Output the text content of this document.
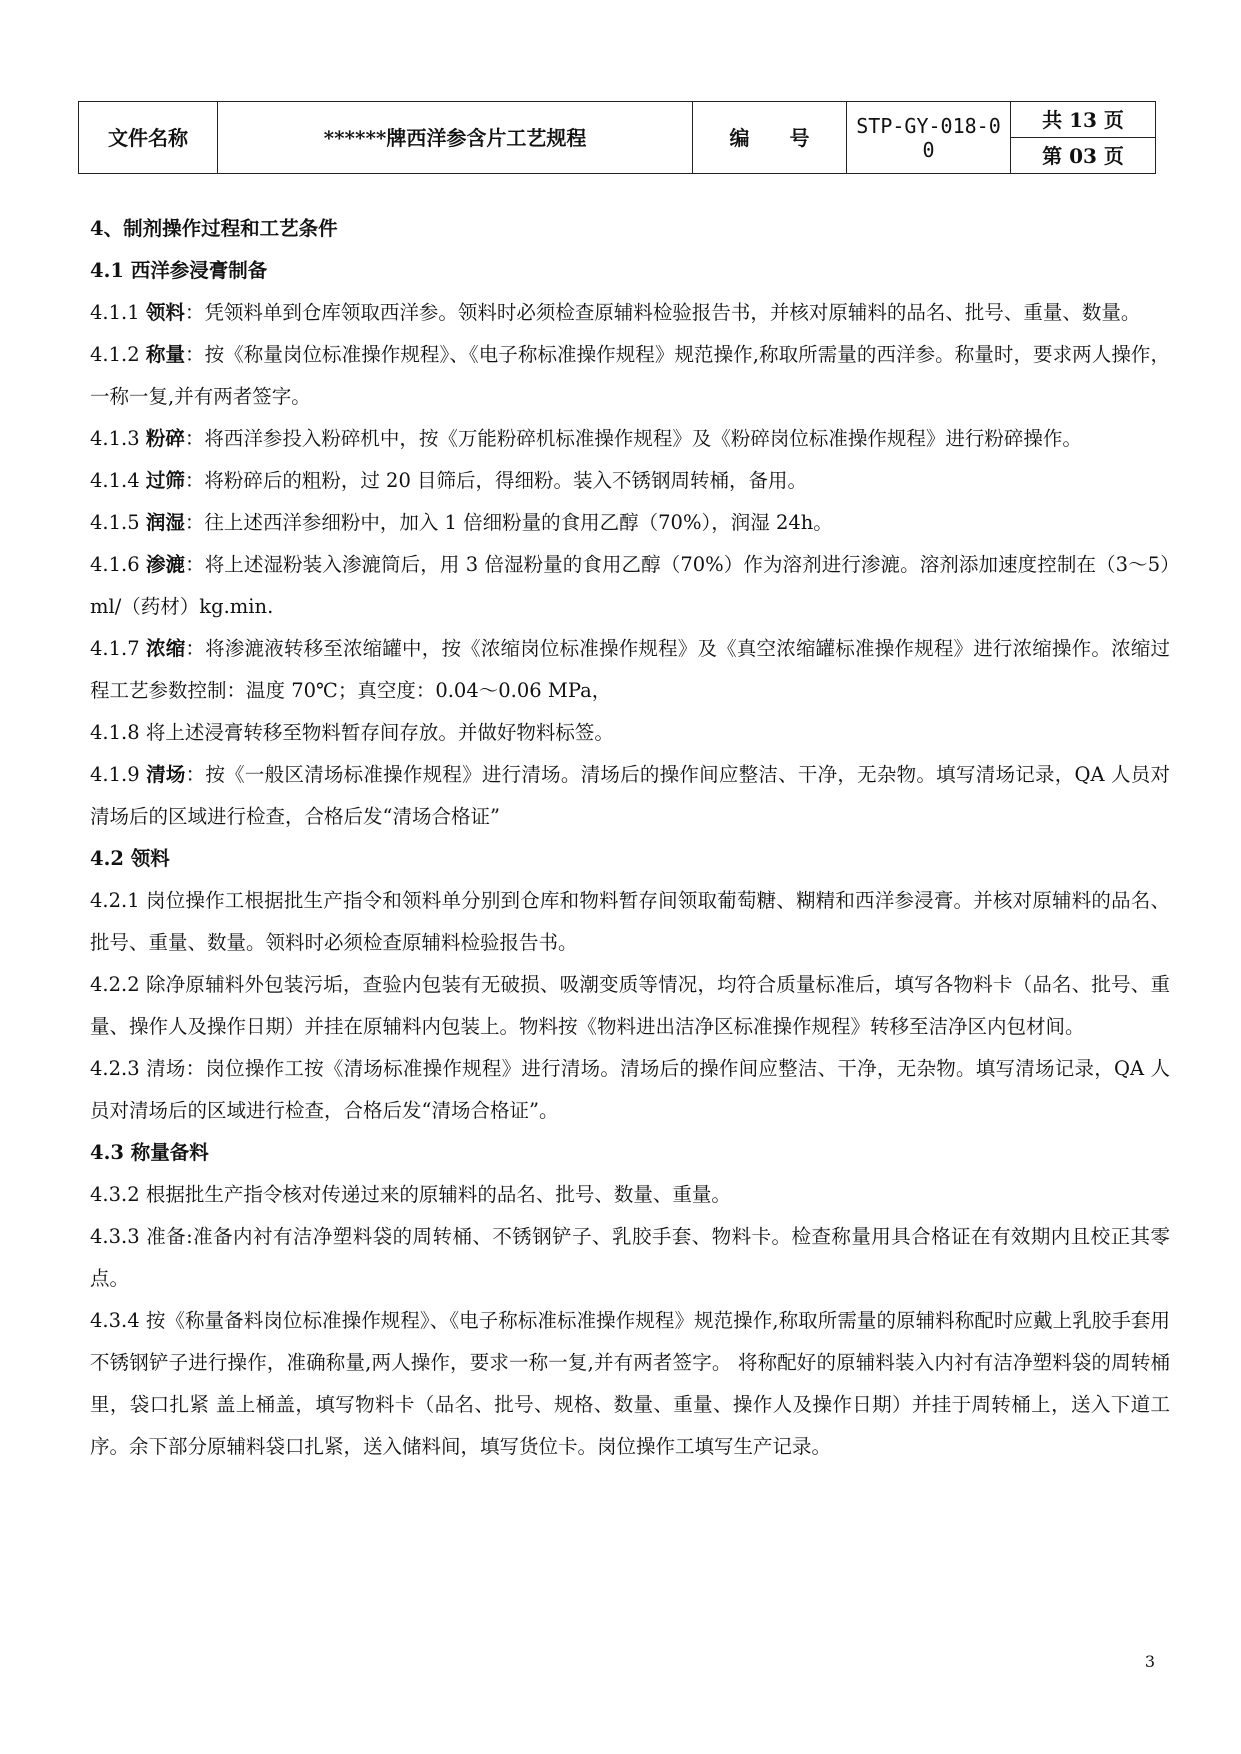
文件名称	******牌西洋参含片工艺规程	编　　号	STP-GY-018-00	共 13 页
第 03 页

4、制剂操作过程和工艺条件

4.1 西洋参浸膏制备

4.1.1 领料：凭领料单到仓库领取西洋参。领料时必须检查原辅料检验报告书，并核对原辅料的品名、批号、重量、数量。

4.1.2 称量：按《称量岗位标准操作规程》、《电子称标准操作规程》规范操作,称取所需量的西洋参。称量时，要求两人操作，一称一复,并有两者签字。

4.1.3 粉碎：将西洋参投入粉碎机中，按《万能粉碎机标准操作规程》及《粉碎岗位标准操作规程》进行粉碎操作。

4.1.4 过筛：将粉碎后的粗粉，过 20 目筛后，得细粉。装入不锈钢周转桶，备用。

4.1.5 润湿：往上述西洋参细粉中，加入 1 倍细粉量的食用乙醇（70%），润湿 24h。

4.1.6 渗漉：将上述湿粉装入渗漉筒后，用 3 倍湿粉量的食用乙醇（70%）作为溶剂进行渗漉。溶剂添加速度控制在（3～5）ml/（药材）kg.min.

4.1.7 浓缩：将渗漉液转移至浓缩罐中，按《浓缩岗位标准操作规程》及《真空浓缩罐标准操作规程》进行浓缩操作。浓缩过程工艺参数控制：温度 70℃；真空度：0.04～0.06 MPa，

4.1.8 将上述浸膏转移至物料暂存间存放。并做好物料标签。

4.1.9 清场：按《一般区清场标准操作规程》进行清场。清场后的操作间应整洁、干净，无杂物。填写清场记录，QA 人员对清场后的区域进行检查，合格后发“清场合格证”

4.2 领料

4.2.1 岗位操作工根据批生产指令和领料单分别到仓库和物料暂存间领取葡萄糖、糊精和西洋参浸膏。并核对原辅料的品名、批号、重量、数量。领料时必须检查原辅料检验报告书。

4.2.2 除净原辅料外包装污垢，查验内包装有无破损、吸潮变质等情况，均符合质量标准后，填写各物料卡（品名、批号、重量、操作人及操作日期）并挂在原辅料内包装上。物料按《物料进出洁净区标准操作规程》转移至洁净区内包材间。

4.2.3 清场：岗位操作工按《清场标准操作规程》进行清场。清场后的操作间应整洁、干净，无杂物。填写清场记录，QA 人员对清场后的区域进行检查，合格后发“清场合格证”。

4.3 称量备料

4.3.2 根据批生产指令核对传递过来的原辅料的品名、批号、数量、重量。

4.3.3 准备:准备内衬有洁净塑料袋的周转桶、不锈钢铲子、乳胶手套、物料卡。检查称量用具合格证在有效期内且校正其零点。

4.3.4 按《称量备料岗位标准操作规程》、《电子称标准标准操作规程》规范操作,称取所需量的原辅料称配时应戴上乳胶手套用不锈钢铲子进行操作，准确称量,两人操作，要求一称一复,并有两者签字。 将称配好的原辅料装入内衬有洁净塑料袋的周转桶里，袋口扎紧 盖上桶盖，填写物料卡（品名、批号、规格、数量、重量、操作人及操作日期）并挂于周转桶上，送入下道工序。余下部分原辅料袋口扎紧，送入储料间，填写货位卡。岗位操作工填写生产记录。

3
